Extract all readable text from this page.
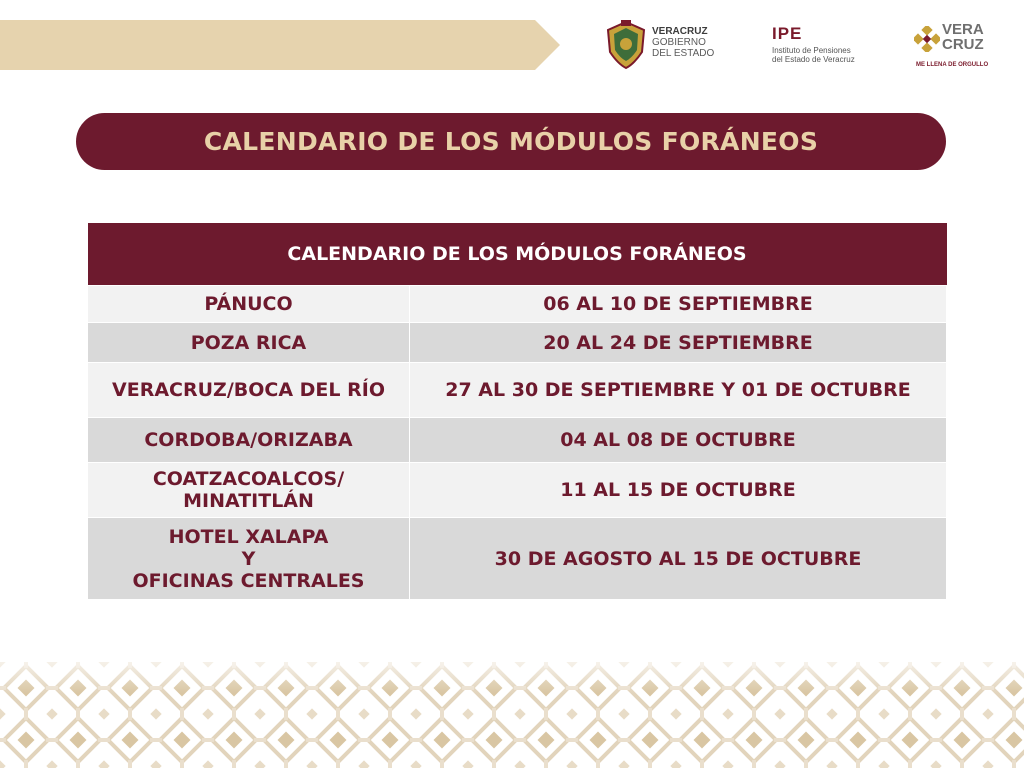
VERACRUZ
GOBIERNO
DEL ESTADO
IPE
Instituto de Pensiones
del Estado de Veracruz
VERA
CRUZ
ME LLENA DE ORGULLO
CALENDARIO DE LOS MÓDULOS FORÁNEOS
CALENDARIO DE LOS MÓDULOS FORÁNEOS	
PÁNUCO	06 AL 10 DE SEPTIEMBRE
POZA RICA	20 AL 24 DE SEPTIEMBRE
VERACRUZ/BOCA DEL RÍO	27 AL 30 DE SEPTIEMBRE Y 01 DE OCTUBRE
CORDOBA/ORIZABA	04 AL 08 DE OCTUBRE
COATZACOALCOS/ MINATITLÁN	11 AL 15 DE OCTUBRE
HOTEL XALAPA
Y
OFICINAS CENTRALES	30 DE AGOSTO AL 15 DE OCTUBRE
